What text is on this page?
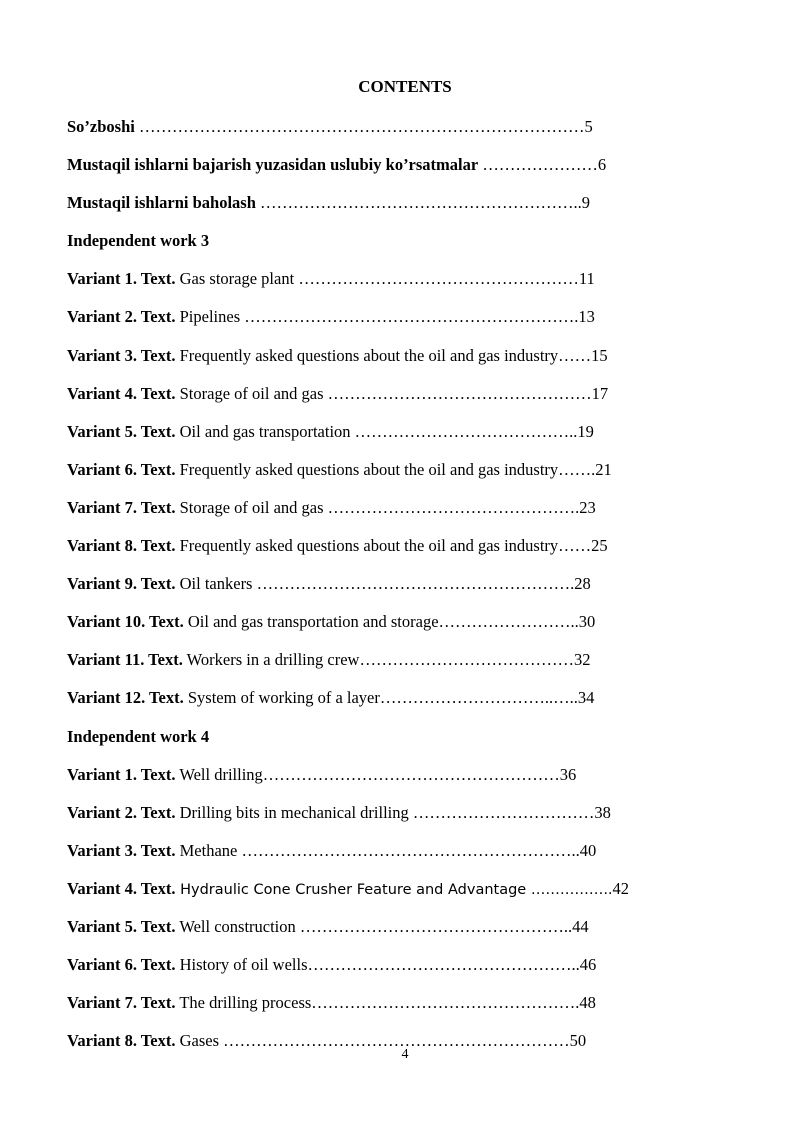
CONTENTS
So’zboshi ………………………………………………………………………5
Mustaqil ishlarni bajarish yuzasidan uslubiy ko’rsatmalar …………………6
Mustaqil ishlarni baholash …………………………………………………..9
Independent work 3
Variant 1. Text. Gas storage plant ……………………………………………11
Variant 2. Text. Pipelines …………………………………………………….13
Variant 3. Text. Frequently asked questions about the oil and gas industry……15
Variant 4. Text. Storage of oil and gas …………………………………………17
Variant 5. Text. Oil and gas transportation …………………………………..19
Variant 6. Text. Frequently asked questions about the oil and gas industry…….21
Variant 7. Text. Storage of oil and gas ……………………………………….23
Variant 8. Text. Frequently asked questions about the oil and gas industry……25
Variant 9. Text. Oil tankers ………………………………………………….28
Variant 10. Text. Oil and gas transportation and storage……………………..30
Variant 11. Text. Workers in a drilling crew…………………………………32
Variant 12. Text. System of working of a layer…………………………..…..34
Independent work 4
Variant 1. Text. Well drilling………………………………………………36
Variant 2. Text. Drilling bits in mechanical drilling ……………………………38
Variant 3. Text. Methane ……………………………………………………..40
Variant 4. Text. Hydraulic Cone Crusher Feature and Advantage ……………..42
Variant 5. Text. Well construction …………………………………………..44
Variant 6. Text. History of oil wells…………………………………………..46
Variant 7. Text. The drilling process………………………………………….48
Variant 8. Text. Gases ………………………………………………………50
4
